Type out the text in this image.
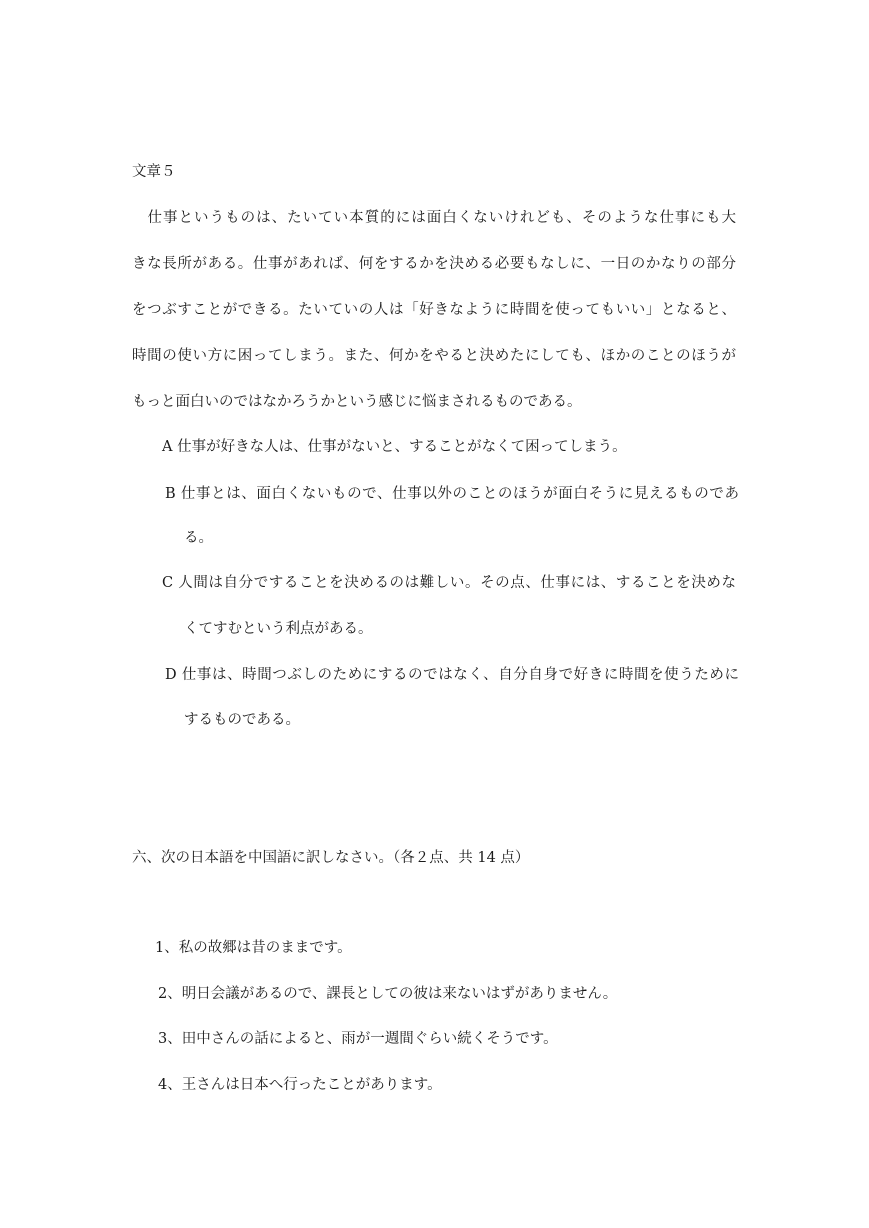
文章５
　仕事というものは、たいてい本質的には面白くないけれども、そのような仕事にも大
きな長所がある。仕事があれば、何をするかを決める必要もなしに、一日のかなりの部分
をつぶすことができる。たいていの人は「好きなように時間を使ってもいい」となると、
時間の使い方に困ってしまう。また、何かをやると決めたにしても、ほかのことのほうが
もっと面白いのではなかろうかという感じに悩まされるものである。
A 仕事が好きな人は、仕事がないと、することがなくて困ってしまう。
B 仕事とは、面白くないもので、仕事以外のことのほうが面白そうに見えるものであ
る。
C 人間は自分ですることを決めるのは難しい。その点、仕事には、することを決めな
くてすむという利点がある。
D 仕事は、時間つぶしのためにするのではなく、自分自身で好きに時間を使うために
するものである。
六、次の日本語を中国語に訳しなさい。（各２点、共 14 点）
1、私の故郷は昔のままです。
2、明日会議があるので、課長としての彼は来ないはずがありません。
3、田中さんの話によると、雨が一週間ぐらい続くそうです。
4、王さんは日本へ行ったことがあります。
